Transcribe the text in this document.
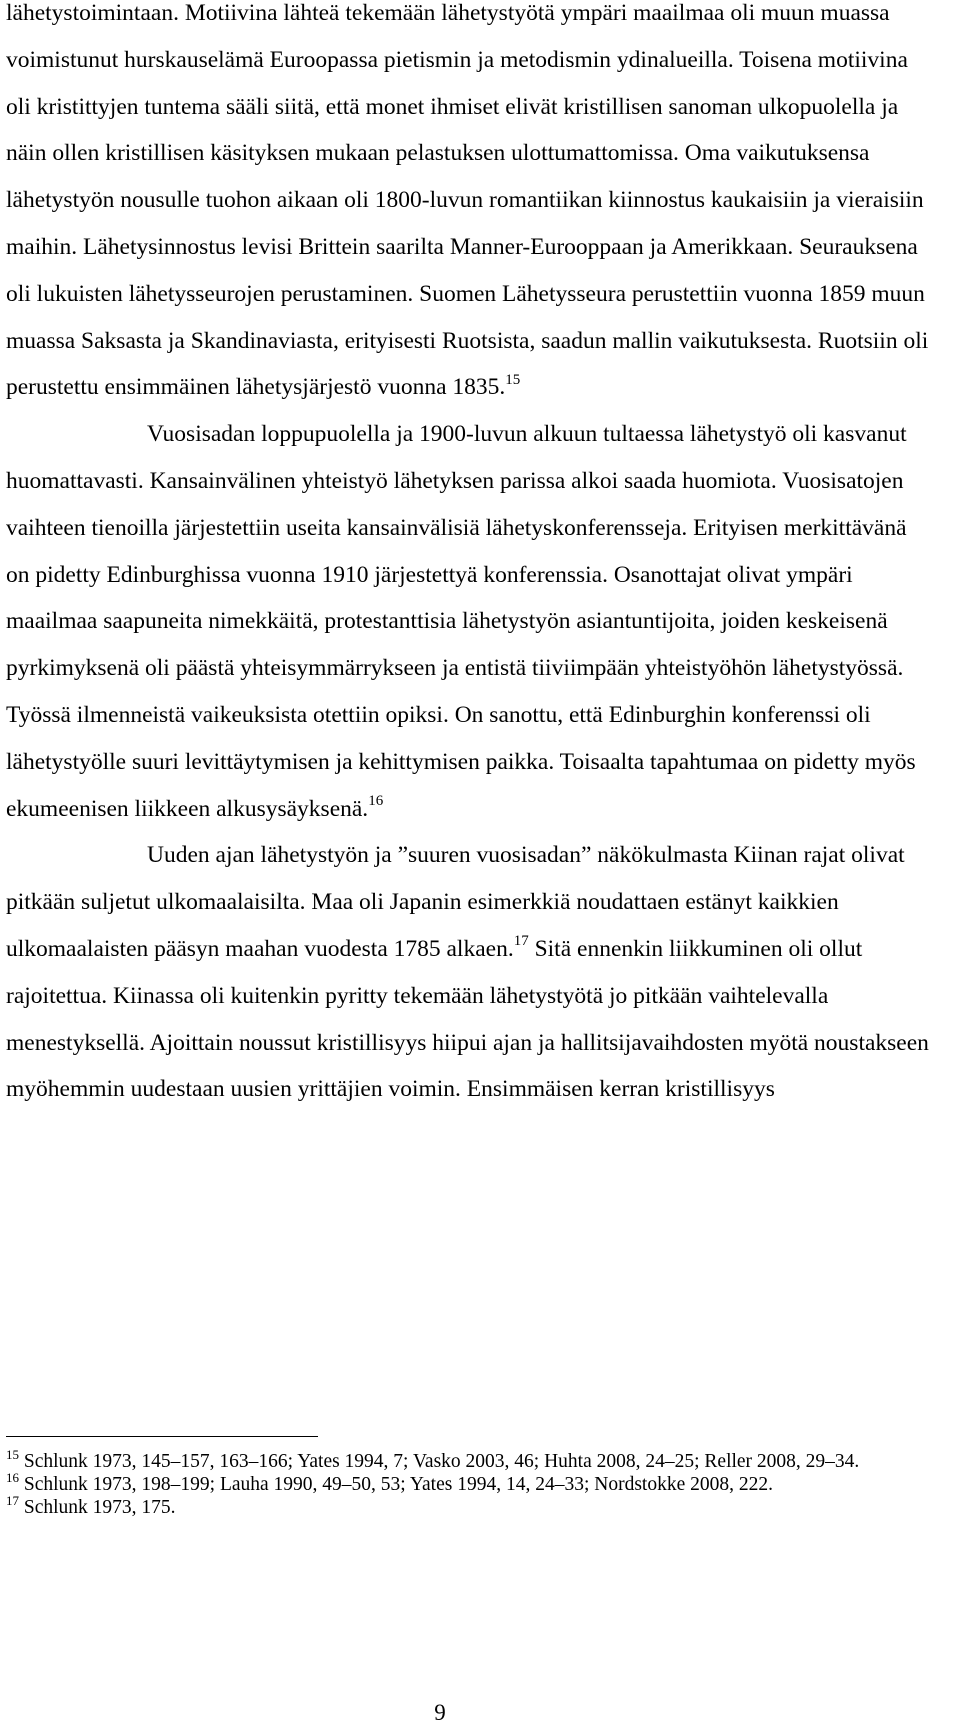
lähetystoimintaan. Motiivina lähteä tekemään lähetystyötä ympäri maailmaa oli muun muassa voimistunut hurskauselämä Euroopassa pietismin ja metodismin ydinalueilla. Toisena motiivina oli kristittyjen tuntema sääli siitä, että monet ihmiset elivät kristillisen sanoman ulkopuolella ja näin ollen kristillisen käsityksen mukaan pelastuksen ulottumattomissa. Oma vaikutuksensa lähetystyön nousulle tuohon aikaan oli 1800-luvun romantiikan kiinnostus kaukaisiin ja vieraisiin maihin. Lähetysinnostus levisi Brittein saarilta Manner-Eurooppaan ja Amerikkaan. Seurauksena oli lukuisten lähetysseurojen perustaminen. Suomen Lähetysseura perustettiin vuonna 1859 muun muassa Saksasta ja Skandinaviasta, erityisesti Ruotsista, saadun mallin vaikutuksesta. Ruotsiin oli perustettu ensimmäinen lähetysjärjestö vuonna 1835.15

Vuosisadan loppupuolella ja 1900-luvun alkuun tultaessa lähetystyö oli kasvanut huomattavasti. Kansainvälinen yhteistyö lähetyksen parissa alkoi saada huomiota. Vuosisatojen vaihteen tienoilla järjestettiin useita kansainvälisiä lähetyskonferensseja. Erityisen merkittävänä on pidetty Edinburghissa vuonna 1910 järjestettyä konferenssia. Osanottajat olivat ympäri maailmaa saapuneita nimekkäitä, protestanttisia lähetystyön asiantuntijoita, joiden keskeisenä pyrkimyksenä oli päästä yhteisymmärrykseen ja entistä tiiviimpään yhteistyöhön lähetystyössä. Työssä ilmenneistä vaikeuksista otettiin opiksi. On sanottu, että Edinburghin konferenssi oli lähetystyölle suuri levittäytymisen ja kehittymisen paikka. Toisaalta tapahtumaa on pidetty myös ekumeenisen liikkeen alkusysäyksenä.$^{16}$

Uuden ajan lähetystyön ja ”suuren vuosisadan” näkökulmasta Kiinan rajat olivat pitkään suljetut ulkomaalaisilta. Maa oli Japanin esimerkkiä noudattaen estänyt kaikkien ulkomaalaisten pääsyn maahan vuodesta 1785 alkaen.$^{17}$ Sitä ennenkin liikkuminen oli ollut rajoitettua. Kiinassa oli kuitenkin pyritty tekemään lähetystyötä jo pitkään vaihtelevalla menestyksellä. Ajoittain noussut kristillisyys hiipui ajan ja hallitsijavaihdosten myötä noustakseen myöhemmin uudestaan uusien yrittäjien voimin. Ensimmäisen kerran kristillisyys

$^{15}$ Schlunk 1973, 145–157, 163–166; Yates 1994, 7; Vasko 2003, 46; Huhta 2008, 24–25; Reller 2008, 29–34.

$^{16}$ Schlunk 1973, 198–199; Lauha 1990, 49–50, 53; Yates 1994, 14, 24–33; Nordstokke 2008, 222.

$^{17}$ Schlunk 1973, 175.

9
